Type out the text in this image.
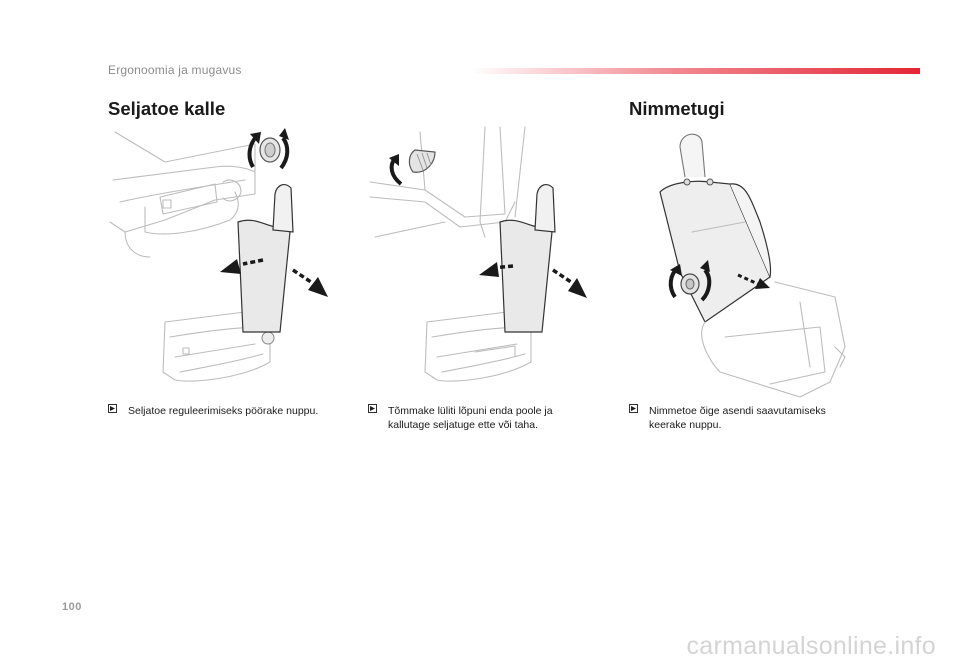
Ergonoomia ja mugavus
Seljatoe kalle	Nimmetugi
Seljatoe reguleerimiseks pöörake nuppu.	Tõmmake lüliti lõpuni enda poole ja kallutage seljatuge ette või taha.
Nimmetoe õige asendi saavutamiseks keerake nuppu.
100
carmanualsonline.info
